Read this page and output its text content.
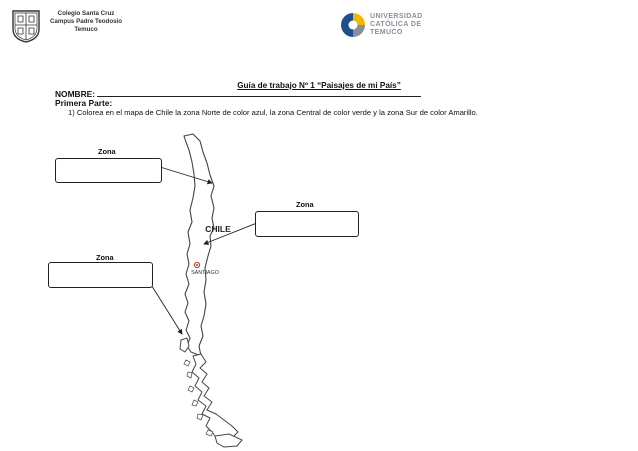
Colegio Santa Cruz
Campus Padre Teodosio
Temuco
UNIVERSIDAD
CATÓLICA DE
TEMUCO
Guía de trabajo Nº 1 “Paisajes de mi País”
NOMBRE:
Primera Parte:
1) Colorea en el mapa de Chile la zona Norte de color azul, la zona Central de color verde y la zona Sur de color Amarillo.
CHILE
SANTIAGO
Zona
Zona
Zona
